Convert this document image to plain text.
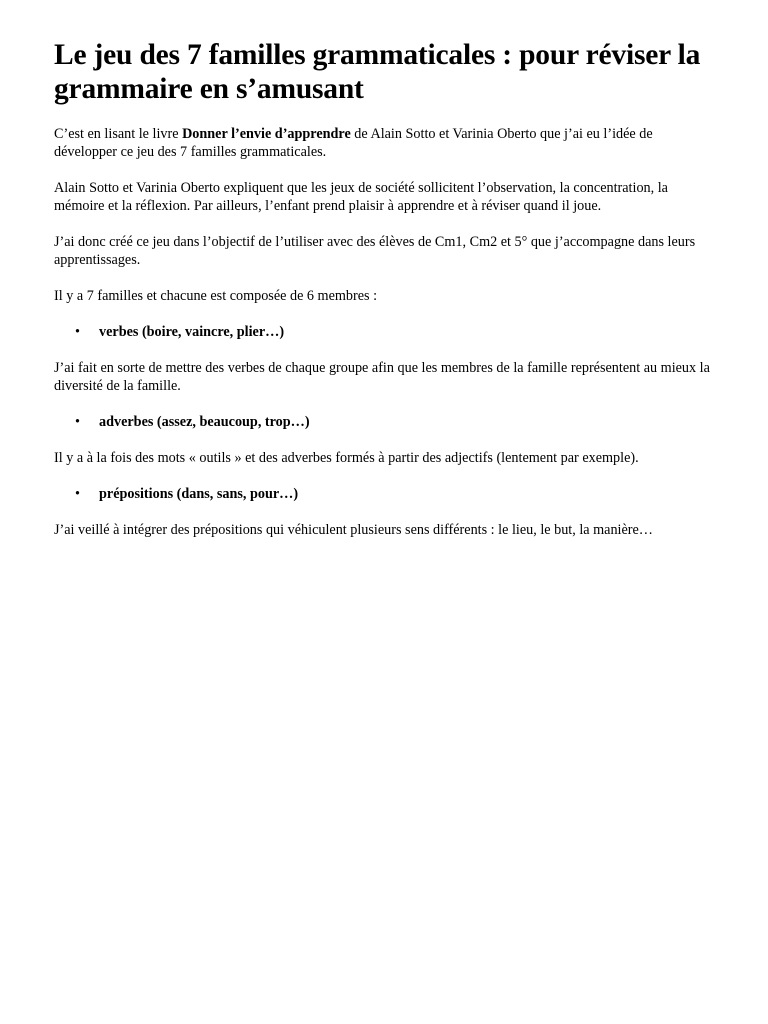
Le jeu des 7 familles grammaticales : pour réviser la grammaire en s’amusant

C’est en lisant le livre Donner l’envie d’apprendre de Alain Sotto et Varinia Oberto que j’ai eu l’idée de développer ce jeu des 7 familles grammaticales.

Alain Sotto et Varinia Oberto expliquent que les jeux de société sollicitent l’observation, la concentration, la mémoire et la réflexion. Par ailleurs, l’enfant prend plaisir à apprendre et à réviser quand il joue.

J’ai donc créé ce jeu dans l’objectif de l’utiliser avec des élèves de Cm1, Cm2 et 5° que j’accompagne dans leurs apprentissages.

Il y a 7 familles et chacune est composée de 6 membres :

• verbes (boire, vaincre, plier…)

J’ai fait en sorte de mettre des verbes de chaque groupe afin que les membres de la famille représentent au mieux la diversité de la famille.

• adverbes (assez, beaucoup, trop…)

Il y a à la fois des mots « outils » et des adverbes formés à partir des adjectifs (lentement par exemple).

• prépositions (dans, sans, pour…)

J’ai veillé à intégrer des prépositions qui véhiculent plusieurs sens différents : le lieu, le but, la manière…
